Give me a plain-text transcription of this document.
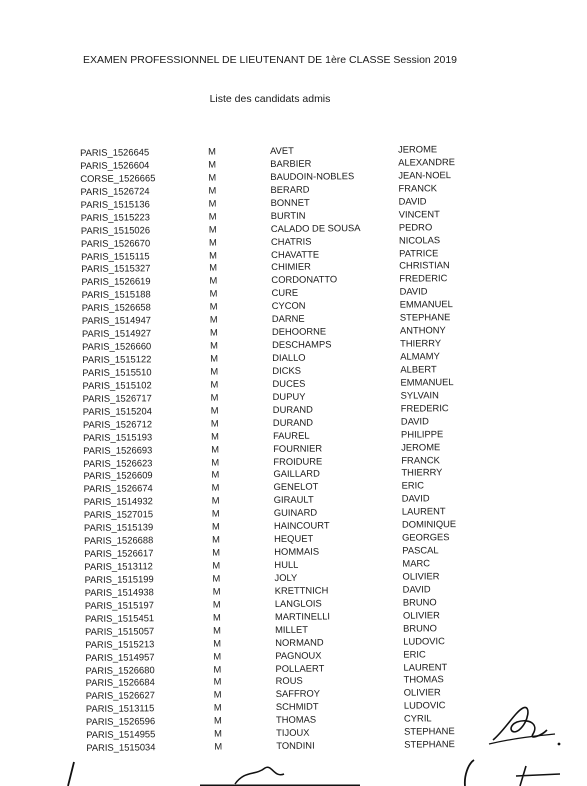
EXAMEN PROFESSIONNEL DE LIEUTENANT DE 1ère CLASSE Session 2019
Liste des candidats admis
PARIS_1526645	M	AVET	JEROME
PARIS_1526604	M	BARBIER	ALEXANDRE
CORSE_1526665	M	BAUDOIN-NOBLES	JEAN-NOEL
PARIS_1526724	M	BERARD	FRANCK
PARIS_1515136	M	BONNET	DAVID
PARIS_1515223	M	BURTIN	VINCENT
PARIS_1515026	M	CALADO DE SOUSA	PEDRO
PARIS_1526670	M	CHATRIS	NICOLAS
PARIS_1515115	M	CHAVATTE	PATRICE
PARIS_1515327	M	CHIMIER	CHRISTIAN
PARIS_1526619	M	CORDONATTO	FREDERIC
PARIS_1515188	M	CURE	DAVID
PARIS_1526658	M	CYCON	EMMANUEL
PARIS_1514947	M	DARNE	STEPHANE
PARIS_1514927	M	DEHOORNE	ANTHONY
PARIS_1526660	M	DESCHAMPS	THIERRY
PARIS_1515122	M	DIALLO	ALMAMY
PARIS_1515510	M	DICKS	ALBERT
PARIS_1515102	M	DUCES	EMMANUEL
PARIS_1526717	M	DUPUY	SYLVAIN
PARIS_1515204	M	DURAND	FREDERIC
PARIS_1526712	M	DURAND	DAVID
PARIS_1515193	M	FAUREL	PHILIPPE
PARIS_1526693	M	FOURNIER	JEROME
PARIS_1526623	M	FROIDURE	FRANCK
PARIS_1526609	M	GAILLARD	THIERRY
PARIS_1526674	M	GENELOT	ERIC
PARIS_1514932	M	GIRAULT	DAVID
PARIS_1527015	M	GUINARD	LAURENT
PARIS_1515139	M	HAINCOURT	DOMINIQUE
PARIS_1526688	M	HEQUET	GEORGES
PARIS_1526617	M	HOMMAIS	PASCAL
PARIS_1513112	M	HULL	MARC
PARIS_1515199	M	JOLY	OLIVIER
PARIS_1514938	M	KRETTNICH	DAVID
PARIS_1515197	M	LANGLOIS	BRUNO
PARIS_1515451	M	MARTINELLI	OLIVIER
PARIS_1515057	M	MILLET	BRUNO
PARIS_1515213	M	NORMAND	LUDOVIC
PARIS_1514957	M	PAGNOUX	ERIC
PARIS_1526680	M	POLLAERT	LAURENT
PARIS_1526684	M	ROUS	THOMAS
PARIS_1526627	M	SAFFROY	OLIVIER
PARIS_1513115	M	SCHMIDT	LUDOVIC
PARIS_1526596	M	THOMAS	CYRIL
PARIS_1514955	M	TIJOUX	STEPHANE
PARIS_1515034	M	TONDINI	STEPHANE
